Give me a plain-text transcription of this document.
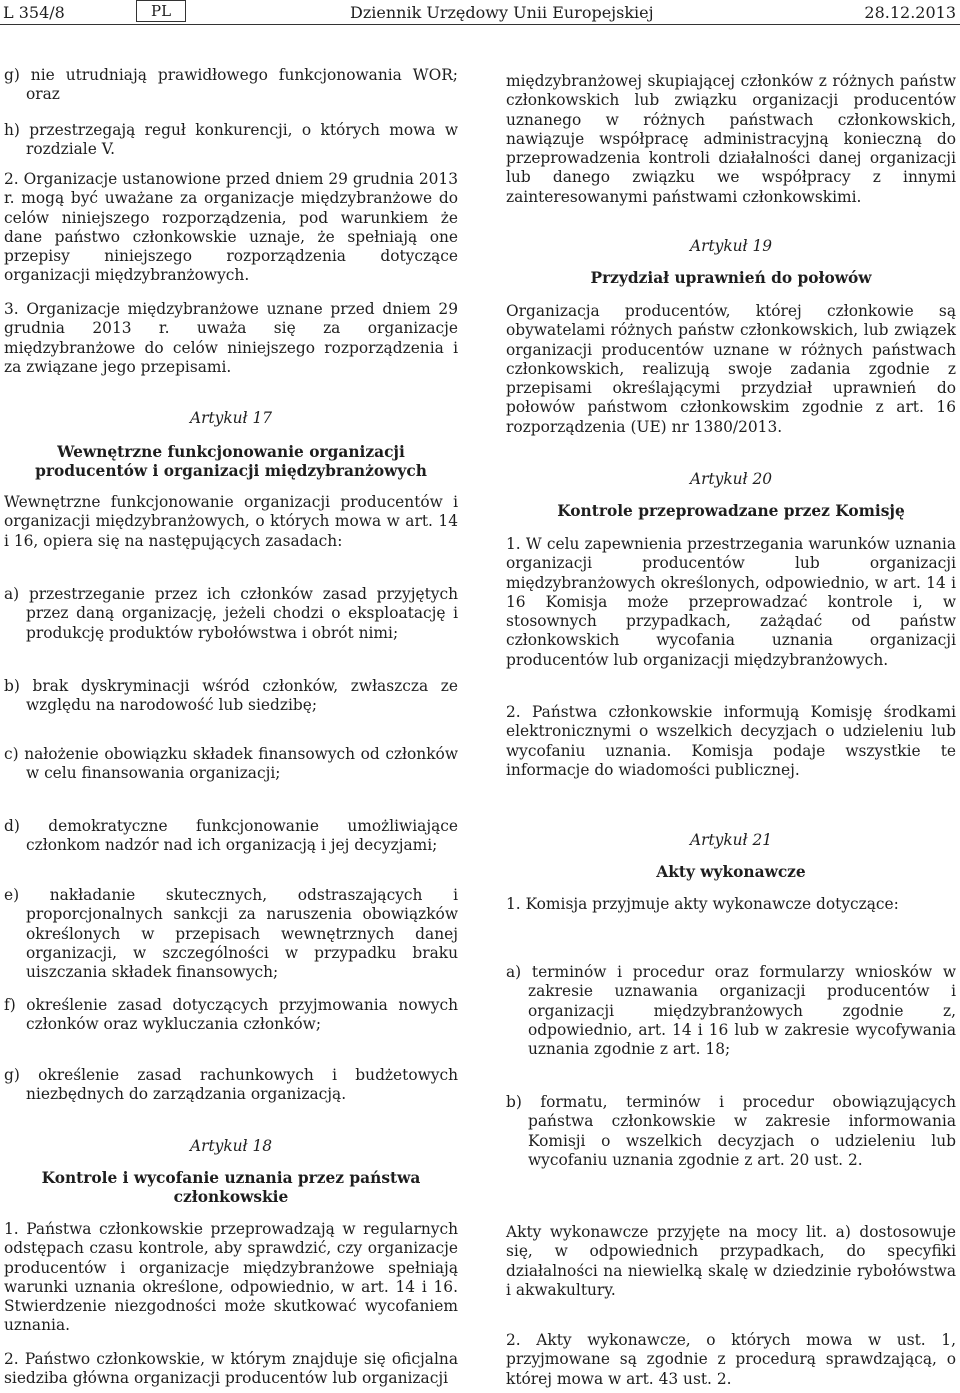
L 354/8	PL	Dziennik Urzędowy Unii Europejskiej	28.12.2013

g) nie utrudniają prawidłowego funkcjonowania WOR; oraz

h) przestrzegają reguł konkurencji, o których mowa w rozdziale V.

2. Organizacje ustanowione przed dniem 29 grudnia 2013 r. mogą być uważane za organizacje międzybranżowe do celów niniejszego rozporządzenia, pod warunkiem że dane państwo członkowskie uznaje, że spełniają one przepisy niniejszego rozporządzenia dotyczące organizacji międzybranżowych.

3. Organizacje międzybranżowe uznane przed dniem 29 grudnia 2013 r. uważa się za organizacje międzybranżowe do celów niniejszego rozporządzenia i za związane jego przepisami.

Artykuł 17

Wewnętrzne funkcjonowanie organizacji producentów i organizacji międzybranżowych

Wewnętrzne funkcjonowanie organizacji producentów i organizacji międzybranżowych, o których mowa w art. 14 i 16, opiera się na następujących zasadach:

a) przestrzeganie przez ich członków zasad przyjętych przez daną organizację, jeżeli chodzi o eksploatację i produkcję produktów rybołówstwa i obrót nimi;

b) brak dyskryminacji wśród członków, zwłaszcza ze względu na narodowość lub siedzibę;

c) nałożenie obowiązku składek finansowych od członków w celu finansowania organizacji;

d) demokratyczne funkcjonowanie umożliwiające członkom nadzór nad ich organizacją i jej decyzjami;

e) nakładanie skutecznych, odstraszających i proporcjonalnych sankcji za naruszenia obowiązków określonych w przepisach wewnętrznych danej organizacji, w szczególności w przypadku braku uiszczania składek finansowych;

f) określenie zasad dotyczących przyjmowania nowych członków oraz wykluczania członków;

g) określenie zasad rachunkowych i budżetowych niezbędnych do zarządzania organizacją.

Artykuł 18

Kontrole i wycofanie uznania przez państwa członkowskie

1. Państwa członkowskie przeprowadzają w regularnych odstępach czasu kontrole, aby sprawdzić, czy organizacje producentów i organizacje międzybranżowe spełniają warunki uznania określone, odpowiednio, w art. 14 i 16. Stwierdzenie niezgodności może skutkować wycofaniem uznania.

2. Państwo członkowskie, w którym znajduje się oficjalna siedziba główna organizacji producentów lub organizacji

międzybranżowej skupiającej członków z różnych państw członkowskich lub związku organizacji producentów uznanego w różnych państwach członkowskich, nawiązuje współpracę administracyjną konieczną do przeprowadzenia kontroli działalności danej organizacji lub danego związku we współpracy z innymi zainteresowanymi państwami członkowskimi.

Artykuł 19

Przydział uprawnień do połowów

Organizacja producentów, której członkowie są obywatelami różnych państw członkowskich, lub związek organizacji producentów uznane w różnych państwach członkowskich, realizują swoje zadania zgodnie z przepisami określającymi przydział uprawnień do połowów państwom członkowskim zgodnie z art. 16 rozporządzenia (UE) nr 1380/2013.

Artykuł 20

Kontrole przeprowadzane przez Komisję

1. W celu zapewnienia przestrzegania warunków uznania organizacji producentów lub organizacji międzybranżowych określonych, odpowiednio, w art. 14 i 16 Komisja może przeprowadzać kontrole i, w stosownych przypadkach, zażądać od państw członkowskich wycofania uznania organizacji producentów lub organizacji międzybranżowych.

2. Państwa członkowskie informują Komisję środkami elektronicznymi o wszelkich decyzjach o udzieleniu lub wycofaniu uznania. Komisja podaje wszystkie te informacje do wiadomości publicznej.

Artykuł 21

Akty wykonawcze

1. Komisja przyjmuje akty wykonawcze dotyczące:

a) terminów i procedur oraz formularzy wniosków w zakresie uznawania organizacji producentów i organizacji międzybranżowych zgodnie z, odpowiednio, art. 14 i 16 lub w zakresie wycofywania uznania zgodnie z art. 18;

b) formatu, terminów i procedur obowiązujących państwa członkowskie w zakresie informowania Komisji o wszelkich decyzjach o udzieleniu lub wycofaniu uznania zgodnie z art. 20 ust. 2.

Akty wykonawcze przyjęte na mocy lit. a) dostosowuje się, w odpowiednich przypadkach, do specyfiki działalności na niewielką skalę w dziedzinie rybołówstwa i akwakultury.

2. Akty wykonawcze, o których mowa w ust. 1, przyjmowane są zgodnie z procedurą sprawdzającą, o której mowa w art. 43 ust. 2.
